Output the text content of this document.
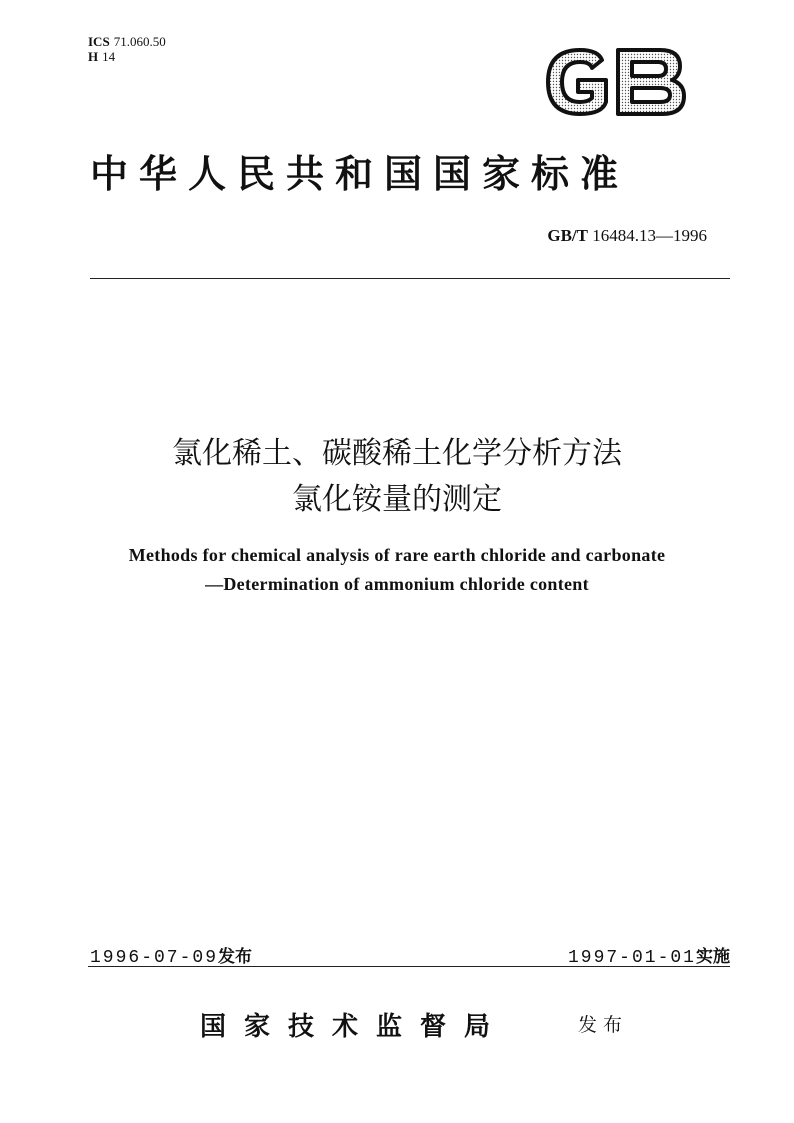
ICS 71.060.50
H 14
中华人民共和国国家标准
GB/T 16484.13—1996
氯化稀土、碳酸稀土化学分析方法
氯化铵量的测定
Methods for chemical analysis of rare earth chloride and carbonate
—Determination of ammonium chloride content
1996-07-09发布	1997-01-01实施
国家技术监督局	发布
